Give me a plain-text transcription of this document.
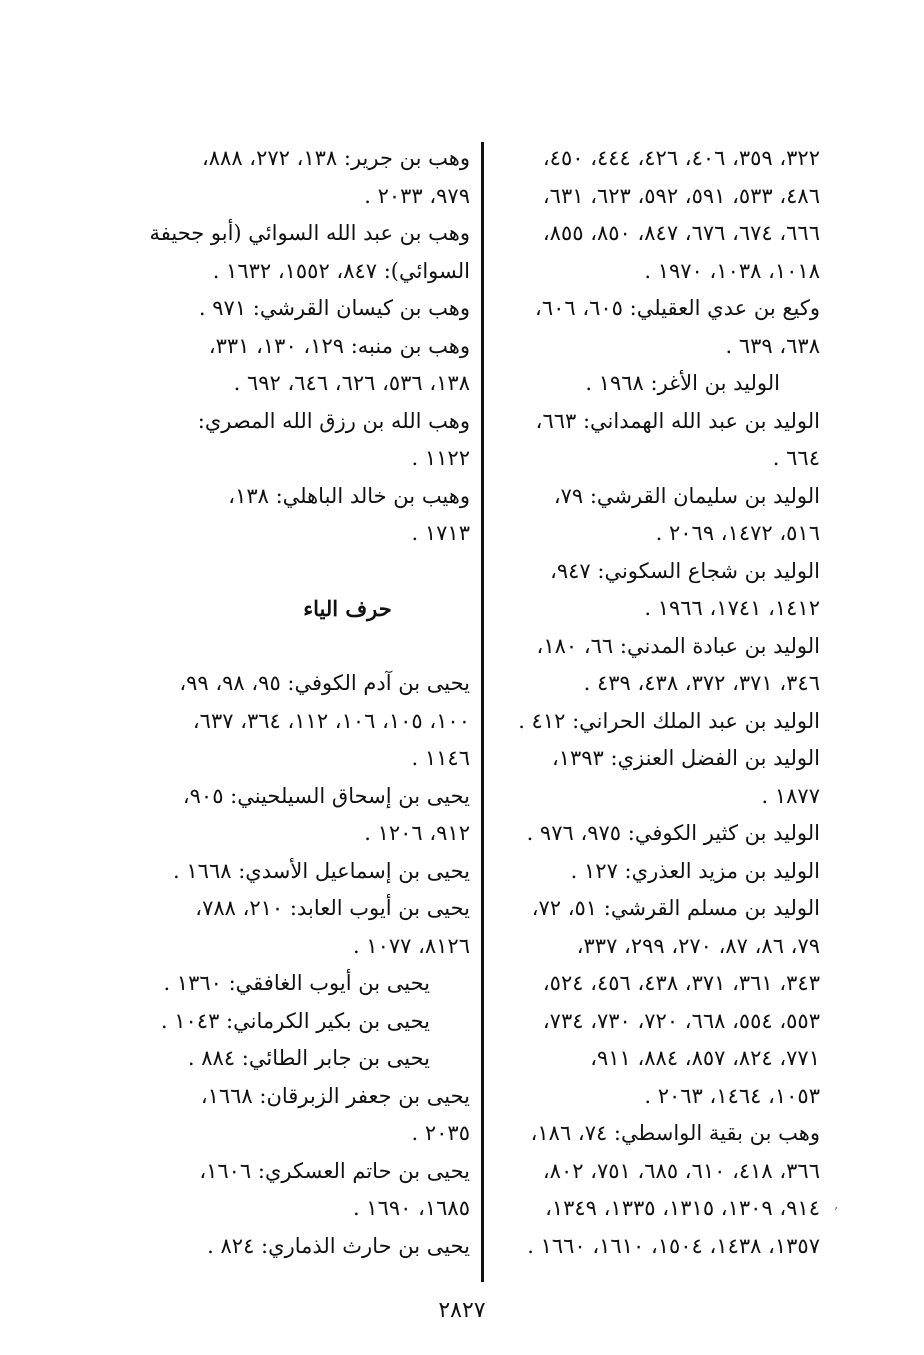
٣٢٢، ٣٥٩، ٤٠٦، ٤٢٦، ٤٤٤، ٤٥٠،
٤٨٦، ٥٣٣، ٥٩١، ٥٩٢، ٦٢٣، ٦٣١،
٦٦٦، ٦٧٤، ٦٧٦، ٨٤٧، ٨٥٠، ٨٥٥،
١٠١٨، ١٠٣٨، ١٩٧٠ .
وكيع بن عدي العقيلي: ٦٠٥، ٦٠٦،
٦٣٨، ٦٣٩ .
الوليد بن الأغر: ١٩٦٨ .
الوليد بن عبد الله الهمداني: ٦٦٣،
٦٦٤ .
الوليد بن سليمان القرشي: ٧٩،
٥١٦، ١٤٧٢، ٢٠٦٩ .
الوليد بن شجاع السكوني: ٩٤٧،
١٤١٢، ١٧٤١، ١٩٦٦ .
الوليد بن عبادة المدني: ٦٦، ١٨٠،
٣٤٦، ٣٧١، ٣٧٢، ٤٣٨، ٤٣٩ .
الوليد بن عبد الملك الحراني: ٤١٢ .
الوليد بن الفضل العنزي: ١٣٩٣،
١٨٧٧ .
الوليد بن كثير الكوفي: ٩٧٥، ٩٧٦ .
الوليد بن مزيد العذري: ١٢٧ .
الوليد بن مسلم القرشي: ٥١، ٧٢،
٧٩، ٨٦، ٨٧، ٢٧٠، ٢٩٩، ٣٣٧،
٣٤٣، ٣٦١، ٣٧١، ٤٣٨، ٤٥٦، ٥٢٤،
٥٥٣، ٥٥٤، ٦٦٨، ٧٢٠، ٧٣٠، ٧٣٤،
٧٧١، ٨٢٤، ٨٥٧، ٨٨٤، ٩١١،
١٠٥٣، ١٤٦٤، ٢٠٦٣ .
وهب بن بقية الواسطي: ٧٤، ١٨٦،
٣٦٦، ٤١٨، ٦١٠، ٦٨٥، ٧٥١، ٨٠٢،
٩١٤، ١٣٠٩، ١٣١٥، ١٣٣٥، ١٣٤٩،
١٣٥٧، ١٤٣٨، ١٥٠٤، ١٦١٠، ١٦٦٠ .
وهب بن جرير: ١٣٨، ٢٧٢، ٨٨٨،
٩٧٩، ٢٠٣٣ .
وهب بن عبد الله السوائي (أبو جحيفة
السوائي): ٨٤٧، ١٥٥٢، ١٦٣٢ .
وهب بن كيسان القرشي: ٩٧١ .
وهب بن منبه: ١٢٩، ١٣٠، ٣٣١،
١٣٨، ٥٣٦، ٦٢٦، ٦٤٦، ٦٩٢ .
وهب الله بن رزق الله المصري:
١١٢٢ .
وهيب بن خالد الباهلي: ١٣٨،
١٧١٣ .
حرف الياء
يحيى بن آدم الكوفي: ٩٥، ٩٨، ٩٩،
١٠٠، ١٠٥، ١٠٦، ١١٢، ٣٦٤، ٦٣٧،
١١٤٦ .
يحيى بن إسحاق السيلحيني: ٩٠٥،
٩١٢، ١٢٠٦ .
يحيى بن إسماعيل الأسدي: ١٦٦٨ .
يحيى بن أيوب العابد: ٢١٠، ٧٨٨،
٨١٢٦، ١٠٧٧ .
يحيى بن أيوب الغافقي: ١٣٦٠ .
يحيى بن بكير الكرماني: ١٠٤٣ .
يحيى بن جابر الطائي: ٨٨٤ .
يحيى بن جعفر الزبرقان: ١٦٦٨،
٢٠٣٥ .
يحيى بن حاتم العسكري: ١٦٠٦،
١٦٨٥، ١٦٩٠ .
يحيى بن حارث الذماري: ٨٢٤ .
’
٢٨٢٧
